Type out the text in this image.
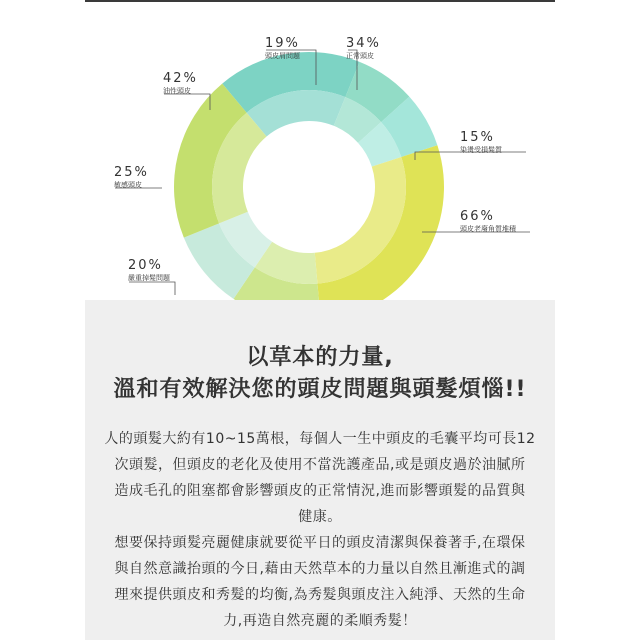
19%
頭皮屑問題
34%
正常頭皮
42%
油性頭皮
15%
染燙受損髮質
25%
敏感頭皮
66%
頭皮老廢角質堆積
20%
嚴重掉髮問題
以草本的力量,
溫和有效解決您的頭皮問題與頭髮煩惱!!
人的頭髮大約有10~15萬根，每個人一生中頭皮的毛囊平均可長12
次頭髮，但頭皮的老化及使用不當洗護產品,或是頭皮過於油膩所
造成毛孔的阻塞都會影響頭皮的正常情況,進而影響頭髮的品質與
健康。
想要保持頭髮亮麗健康就要從平日的頭皮清潔與保養著手,在環保
與自然意識抬頭的今日,藉由天然草本的力量以自然且漸進式的調
理來提供頭皮和秀髮的均衡,為秀髮與頭皮注入純淨、天然的生命
力,再造自然亮麗的柔順秀髮！
